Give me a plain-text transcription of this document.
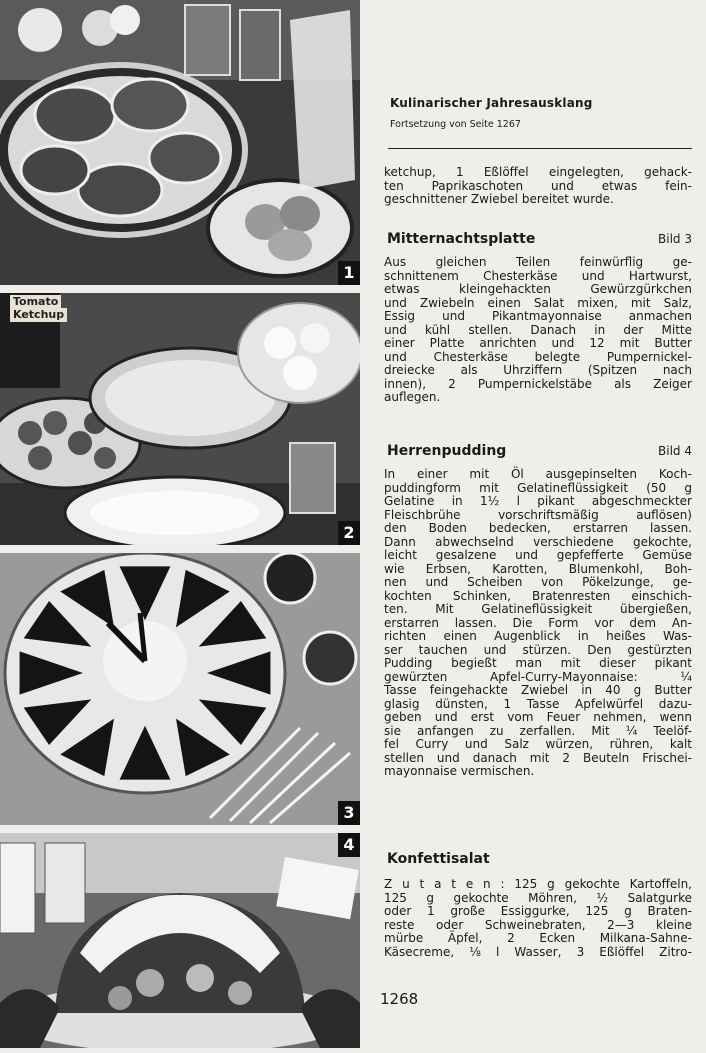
1
Tomato
Ketchup
2
3
4
Kulinarischer Jahresausklang
Fortsetzung von Seite 1267
ketchup, 1 Eßlöffel eingelegten, gehack-
ten Paprikaschoten und etwas fein-
geschnittener Zwiebel bereitet wurde.
Mitternachtsplatte	Bild 3
Aus gleichen Teilen feinwürflig ge-
schnittenem Chesterkäse und Hartwurst,
etwas kleingehackten Gewürzgürkchen
und Zwiebeln einen Salat mixen, mit Salz,
Essig und Pikantmayonnaise anmachen
und kühl stellen. Danach in der Mitte
einer Platte anrichten und 12 mit Butter
und Chesterkäse belegte Pumpernickel-
dreiecke als Uhrziffern (Spitzen nach
innen), 2 Pumpernickelstäbe als Zeiger
auflegen.
Herrenpudding	Bild 4
In einer mit Öl ausgepinselten Koch-
puddingform mit Gelatineflüssigkeit (50 g
Gelatine in 1½ l pikant abgeschmeckter
Fleischbrühe vorschriftsmäßig auflösen)
den Boden bedecken, erstarren lassen.
Dann abwechselnd verschiedene gekochte,
leicht gesalzene und gepfefferte Gemüse
wie Erbsen, Karotten, Blumenkohl, Boh-
nen und Scheiben von Pökelzunge, ge-
kochten Schinken, Bratenresten einschich-
ten. Mit Gelatineflüssigkeit übergießen,
erstarren lassen. Die Form vor dem An-
richten einen Augenblick in heißes Was-
ser tauchen und stürzen. Den gestürzten
Pudding begießt man mit dieser pikant
gewürzten Apfel-Curry-Mayonnaise: ¼
Tasse feingehackte Zwiebel in 40 g Butter
glasig dünsten, 1 Tasse Apfelwürfel dazu-
geben und erst vom Feuer nehmen, wenn
sie anfangen zu zerfallen. Mit ¼ Teelöf-
fel Curry und Salz würzen, rühren, kalt
stellen und danach mit 2 Beuteln Frischei-
mayonnaise vermischen.
Konfettisalat
Z u t a t e n : 125 g gekochte Kartoffeln,
125 g gekochte Möhren, ½ Salatgurke
oder 1 große Essiggurke, 125 g Braten-
reste oder Schweinebraten, 2—3 kleine
mürbe Äpfel, 2 Ecken Milkana-Sahne-
Käsecreme, ⅛ l Wasser, 3 Eßlöffel Zitro-
1268
